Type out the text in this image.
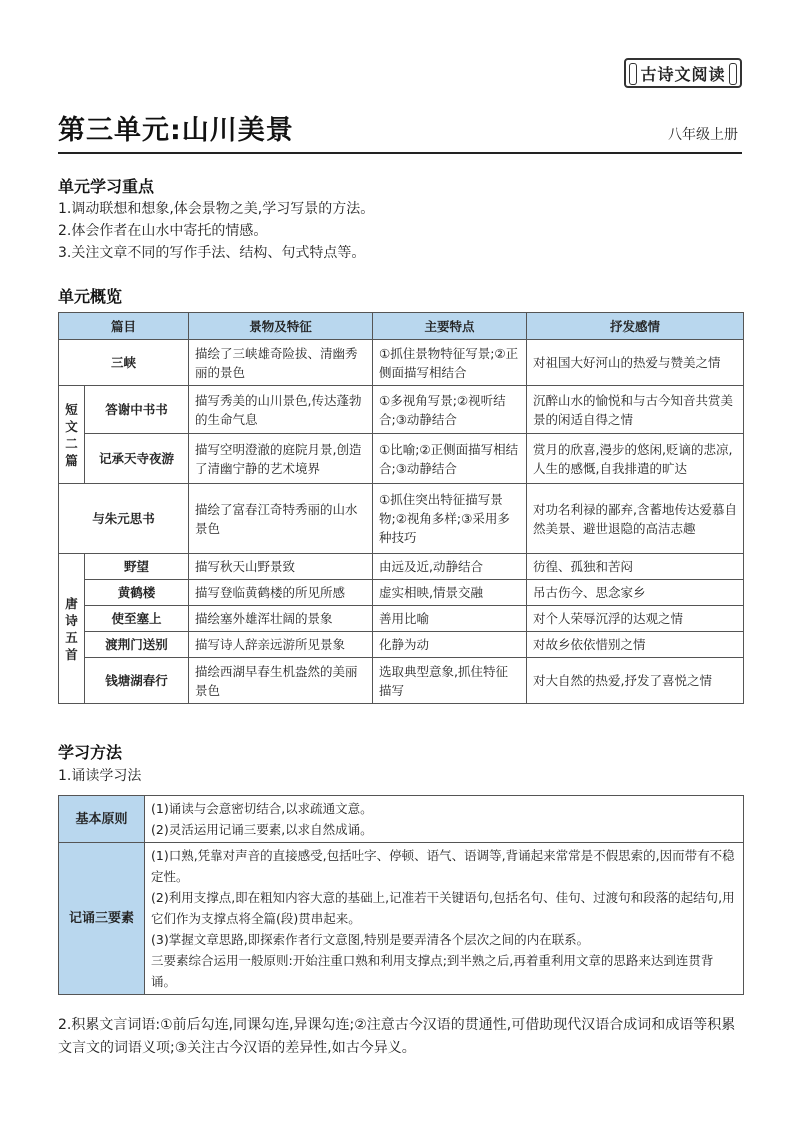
古诗文阅读
第三单元:山川美景	八年级上册
单元学习重点
1.调动联想和想象,体会景物之美,学习写景的方法。
2.体会作者在山水中寄托的情感。
3.关注文章不同的写作手法、结构、句式特点等。
单元概览
篇目		景物及特征	主要特点	抒发感情
三峡		描绘了三峡雄奇险拔、清幽秀丽的景色	①抓住景物特征写景;②正侧面描写相结合	对祖国大好河山的热爱与赞美之情
短文二篇	答谢中书书	描写秀美的山川景色,传达蓬勃的生命气息	①多视角写景;②视听结合;③动静结合	沉醉山水的愉悦和与古今知音共赏美景的闲适自得之情
	记承天寺夜游	描写空明澄澈的庭院月景,创造了清幽宁静的艺术境界	①比喻;②正侧面描写相结合;③动静结合	赏月的欣喜,漫步的悠闲,贬谪的悲凉,人生的感慨,自我排遣的旷达
与朱元思书		描绘了富春江奇特秀丽的山水景色	①抓住突出特征描写景物;②视角多样;③采用多种技巧	对功名利禄的鄙弃,含蓄地传达爱慕自然美景、避世退隐的高洁志趣
唐诗五首	野望	描写秋天山野景致	由远及近,动静结合	彷徨、孤独和苦闷
	黄鹤楼	描写登临黄鹤楼的所见所感	虚实相映,情景交融	吊古伤今、思念家乡
	使至塞上	描绘塞外雄浑壮阔的景象	善用比喻	对个人荣辱沉浮的达观之情
	渡荆门送别	描写诗人辞亲远游所见景象	化静为动	对故乡依依惜别之情
	钱塘湖春行	描绘西湖早春生机盎然的美丽景色	选取典型意象,抓住特征描写	对大自然的热爱,抒发了喜悦之情
学习方法
1.诵读学习法
基本原则	(1)诵读与会意密切结合,以求疏通文意。
(2)灵活运用记诵三要素,以求自然成诵。

记诵三要素	(1)口熟,凭靠对声音的直接感受,包括吐字、停顿、语气、语调等,背诵起来常常是不假思索的,因而带有不稳定性。
(2)利用支撑点,即在粗知内容大意的基础上,记准若干关键语句,包括名句、佳句、过渡句和段落的起结句,用它们作为支撑点将全篇(段)贯串起来。
(3)掌握文章思路,即探索作者行文意图,特别是要弄清各个层次之间的内在联系。
三要素综合运用一般原则:开始注重口熟和利用支撑点;到半熟之后,再着重利用文章的思路来达到连贯背诵。
2.积累文言词语:①前后勾连,同课勾连,异课勾连;②注意古今汉语的贯通性,可借助现代汉语合成词和成语等积累文言文的词语义项;③关注古今汉语的差异性,如古今异义。
